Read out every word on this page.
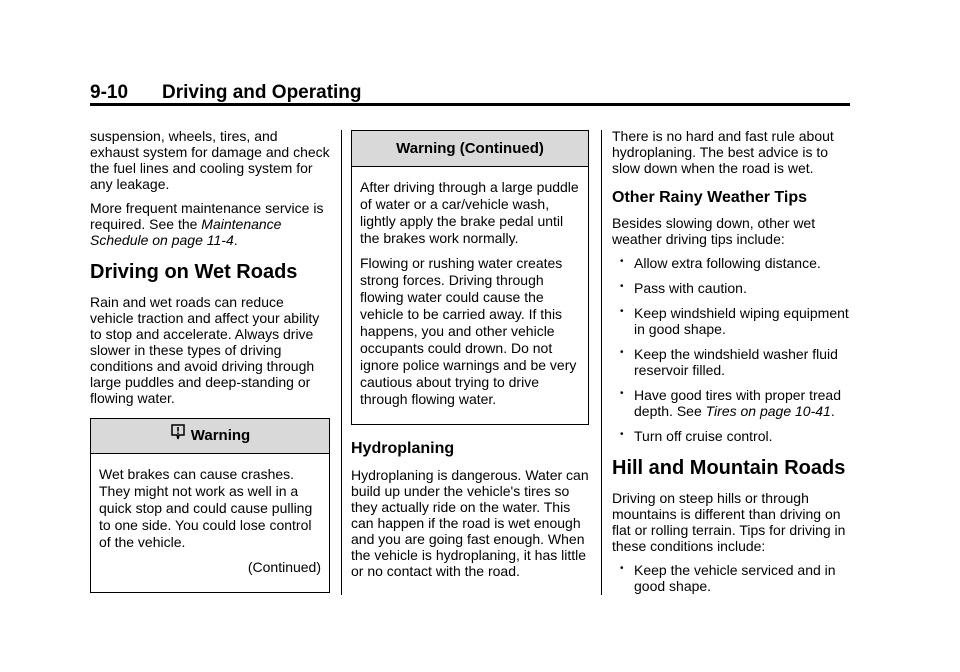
9-10 Driving and Operating

suspension, wheels, tires, and exhaust system for damage and check the fuel lines and cooling system for any leakage.

More frequent maintenance service is required. See the Maintenance Schedule on page 11-4.

Driving on Wet Roads

Rain and wet roads can reduce vehicle traction and affect your ability to stop and accelerate. Always drive slower in these types of driving conditions and avoid driving through large puddles and deep-standing or flowing water.

Warning

Wet brakes can cause crashes. They might not work as well in a quick stop and could cause pulling to one side. You could lose control of the vehicle.

(Continued)

Warning (Continued)

After driving through a large puddle of water or a car/vehicle wash, lightly apply the brake pedal until the brakes work normally.

Flowing or rushing water creates strong forces. Driving through flowing water could cause the vehicle to be carried away. If this happens, you and other vehicle occupants could drown. Do not ignore police warnings and be very cautious about trying to drive through flowing water.

Hydroplaning

Hydroplaning is dangerous. Water can build up under the vehicle's tires so they actually ride on the water. This can happen if the road is wet enough and you are going fast enough. When the vehicle is hydroplaning, it has little or no contact with the road.

There is no hard and fast rule about hydroplaning. The best advice is to slow down when the road is wet.

Other Rainy Weather Tips

Besides slowing down, other wet weather driving tips include:

• Allow extra following distance.
• Pass with caution.
• Keep windshield wiping equipment in good shape.
• Keep the windshield washer fluid reservoir filled.
• Have good tires with proper tread depth. See Tires on page 10-41.
• Turn off cruise control.
Hill and Mountain Roads

Driving on steep hills or through mountains is different than driving on flat or rolling terrain. Tips for driving in these conditions include:

• Keep the vehicle serviced and in good shape.
